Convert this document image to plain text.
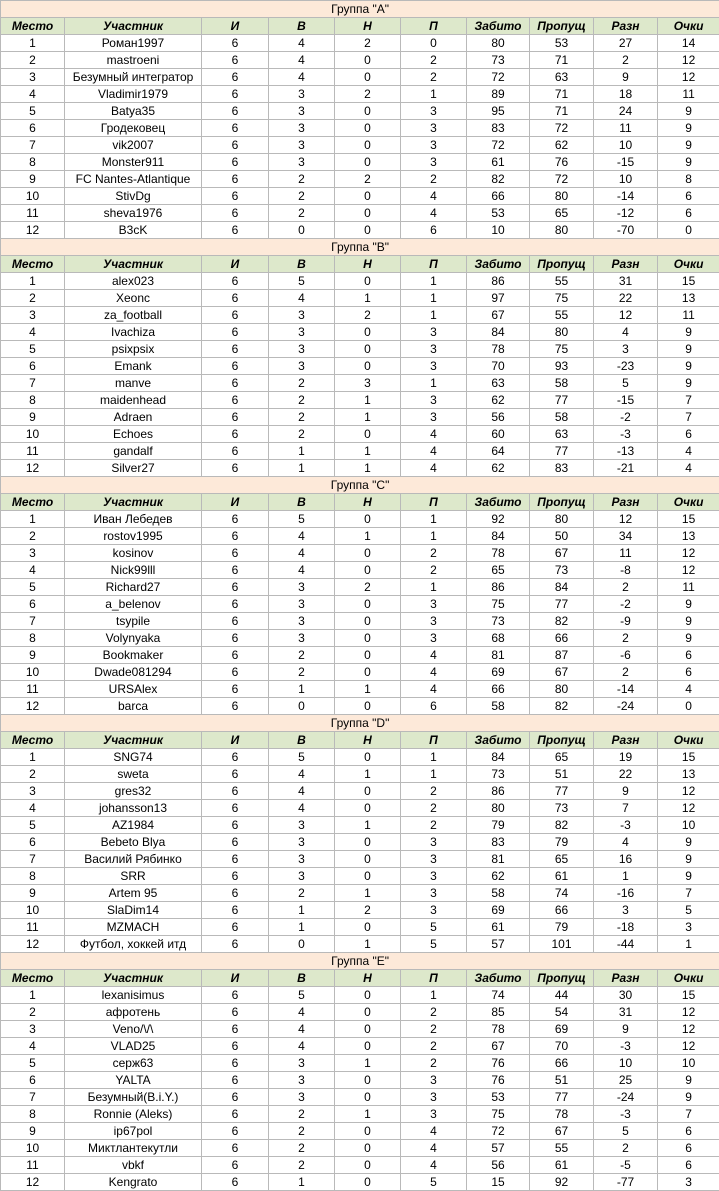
Группа "А"									
Место	Участник	И	В	Н	П	Забито	Пропущ	Разн	Очки
1	Роман1997	6	4	2	0	80	53	27	14
2	mastroeni	6	4	0	2	73	71	2	12
3	Безумный интегратор	6	4	0	2	72	63	9	12
4	Vladimir1979	6	3	2	1	89	71	18	11
5	Batya35	6	3	0	3	95	71	24	9
6	Гродековец	6	3	0	3	83	72	11	9
7	vik2007	6	3	0	3	72	62	10	9
8	Monster911	6	3	0	3	61	76	-15	9
9	FC Nantes-Atlantique	6	2	2	2	82	72	10	8
10	StivDg	6	2	0	4	66	80	-14	6
11	sheva1976	6	2	0	4	53	65	-12	6
12	B3cK	6	0	0	6	10	80	-70	0
Группа "B"									
Место	Участник	И	В	Н	П	Забито	Пропущ	Разн	Очки
1	alex023	6	5	0	1	86	55	31	15
2	Xeonc	6	4	1	1	97	75	22	13
3	za_football	6	3	2	1	67	55	12	11
4	Ivachiza	6	3	0	3	84	80	4	9
5	psixpsix	6	3	0	3	78	75	3	9
6	Emank	6	3	0	3	70	93	-23	9
7	manve	6	2	3	1	63	58	5	9
8	maidenhead	6	2	1	3	62	77	-15	7
9	Adraen	6	2	1	3	56	58	-2	7
10	Echoes	6	2	0	4	60	63	-3	6
11	gandalf	6	1	1	4	64	77	-13	4
12	Silver27	6	1	1	4	62	83	-21	4
Группа "C"									
Место	Участник	И	В	Н	П	Забито	Пропущ	Разн	Очки
1	Иван Лебедев	6	5	0	1	92	80	12	15
2	rostov1995	6	4	1	1	84	50	34	13
3	kosinov	6	4	0	2	78	67	11	12
4	Nick99lll	6	4	0	2	65	73	-8	12
5	Richard27	6	3	2	1	86	84	2	11
6	a_belenov	6	3	0	3	75	77	-2	9
7	tsypile	6	3	0	3	73	82	-9	9
8	Volynyaka	6	3	0	3	68	66	2	9
9	Bookmaker	6	2	0	4	81	87	-6	6
10	Dwade081294	6	2	0	4	69	67	2	6
11	URSAlex	6	1	1	4	66	80	-14	4
12	barca	6	0	0	6	58	82	-24	0
Группа "D"									
Место	Участник	И	В	Н	П	Забито	Пропущ	Разн	Очки
1	SNG74	6	5	0	1	84	65	19	15
2	sweta	6	4	1	1	73	51	22	13
3	gres32	6	4	0	2	86	77	9	12
4	johansson13	6	4	0	2	80	73	7	12
5	AZ1984	6	3	1	2	79	82	-3	10
6	Bebeto Blya	6	3	0	3	83	79	4	9
7	Василий Рябинко	6	3	0	3	81	65	16	9
8	SRR	6	3	0	3	62	61	1	9
9	Artem 95	6	2	1	3	58	74	-16	7
10	SlaDim14	6	1	2	3	69	66	3	5
11	MZMACH	6	1	0	5	61	79	-18	3
12	Футбол, хоккей итд	6	0	1	5	57	101	-44	1
Группа "E"									
Место	Участник	И	В	Н	П	Забито	Пропущ	Разн	Очки
1	lexanisimus	6	5	0	1	74	44	30	15
2	афротень	6	4	0	2	85	54	31	12
3	Veno/\/\	6	4	0	2	78	69	9	12
4	VLAD25	6	4	0	2	67	70	-3	12
5	серж63	6	3	1	2	76	66	10	10
6	YALTA	6	3	0	3	76	51	25	9
7	Безумный(B.i.Y.)	6	3	0	3	53	77	-24	9
8	Ronnie (Aleks)	6	2	1	3	75	78	-3	7
9	ip67pol	6	2	0	4	72	67	5	6
10	Миктлантекутли	6	2	0	4	57	55	2	6
11	vbkf	6	2	0	4	56	61	-5	6
12	Kengrato	6	1	0	5	15	92	-77	3
